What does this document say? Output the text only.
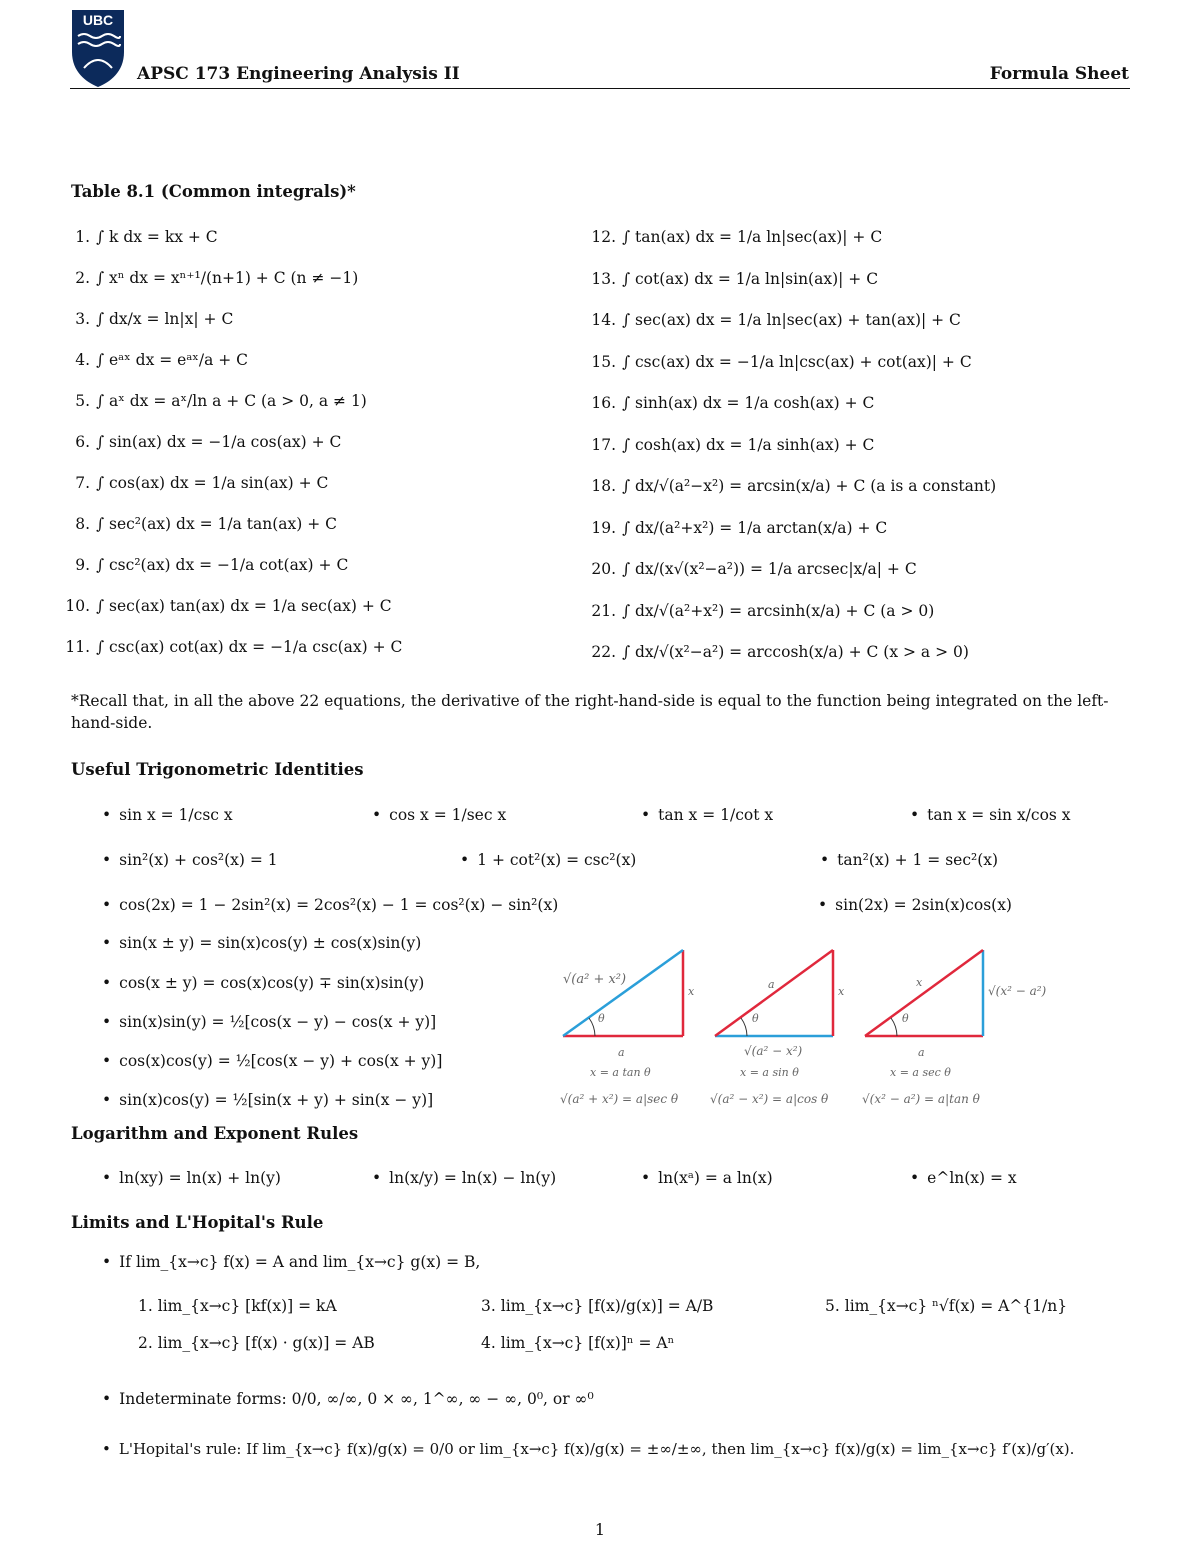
UBC
APSC 173 Engineering Analysis II	Formula Sheet
Table 8.1 (Common integrals)*
1. ∫ k dx = kx + C
2. ∫ xⁿ dx = xⁿ⁺¹/(n+1) + C (n ≠ −1)
3. ∫ dx/x = ln|x| + C
4. ∫ eᵃˣ dx = eᵃˣ/a + C
5. ∫ aˣ dx = aˣ/ln a + C (a > 0, a ≠ 1)
6. ∫ sin(ax) dx = −1/a cos(ax) + C
7. ∫ cos(ax) dx = 1/a sin(ax) + C
8. ∫ sec²(ax) dx = 1/a tan(ax) + C
9. ∫ csc²(ax) dx = −1/a cot(ax) + C
10. ∫ sec(ax) tan(ax) dx = 1/a sec(ax) + C
11. ∫ csc(ax) cot(ax) dx = −1/a csc(ax) + C
12. ∫ tan(ax) dx = 1/a ln|sec(ax)| + C
13. ∫ cot(ax) dx = 1/a ln|sin(ax)| + C
14. ∫ sec(ax) dx = 1/a ln|sec(ax) + tan(ax)| + C
15. ∫ csc(ax) dx = −1/a ln|csc(ax) + cot(ax)| + C
16. ∫ sinh(ax) dx = 1/a cosh(ax) + C
17. ∫ cosh(ax) dx = 1/a sinh(ax) + C
18. ∫ dx/√(a²−x²) = arcsin(x/a) + C (a is a constant)
19. ∫ dx/(a²+x²) = 1/a arctan(x/a) + C
20. ∫ dx/(x√(x²−a²)) = 1/a arcsec|x/a| + C
21. ∫ dx/√(a²+x²) = arcsinh(x/a) + C (a > 0)
22. ∫ dx/√(x²−a²) = arccosh(x/a) + C (x > a > 0)
*Recall that, in all the above 22 equations, the derivative of the right-hand-side is equal to the function being integrated on the left-hand-side.
Useful Trigonometric Identities
• sin x = 1/csc x	• cos x = 1/sec x	• tan x = 1/cot x	• tan x = sin x/cos x
• sin²(x) + cos²(x) = 1	• 1 + cot²(x) = csc²(x)	• tan²(x) + 1 = sec²(x)
• cos(2x) = 1 − 2sin²(x) = 2cos²(x) − 1 = cos²(x) − sin²(x)	• sin(2x) = 2sin(x)cos(x)
• sin(x ± y) = sin(x)cos(y) ± cos(x)sin(y)
• cos(x ± y) = cos(x)cos(y) ∓ sin(x)sin(y)
• sin(x)sin(y) = ½[cos(x − y) − cos(x + y)]
• cos(x)cos(y) = ½[cos(x − y) + cos(x + y)]
• sin(x)cos(y) = ½[sin(x + y) + sin(x − y)]
√(a² + x²)
x
θ
a
x = a tan θ
√(a² + x²) = a|sec θ
a
x
θ
√(a² − x²)
x = a sin θ
√(a² − x²) = a|cos θ
x
√(x² − a²)
θ
a
x = a sec θ
√(x² − a²) = a|tan θ
Logarithm and Exponent Rules
• ln(xy) = ln(x) + ln(y)	• ln(x/y) = ln(x) − ln(y)	• ln(xᵃ) = a ln(x)	• e^ln(x) = x
Limits and L'Hopital's Rule
• If lim_{x→c} f(x) = A and lim_{x→c} g(x) = B,
1. lim_{x→c} [kf(x)] = kA
2. lim_{x→c} [f(x) · g(x)] = AB
3. lim_{x→c} [f(x)/g(x)] = A/B
4. lim_{x→c} [f(x)]ⁿ = Aⁿ
5. lim_{x→c} ⁿ√f(x) = A^{1/n}
• Indeterminate forms: 0/0, ∞/∞, 0 × ∞, 1^∞, ∞ − ∞, 0⁰, or ∞⁰
• L'Hopital's rule: If lim_{x→c} f(x)/g(x) = 0/0 or lim_{x→c} f(x)/g(x) = ±∞/±∞, then lim_{x→c} f(x)/g(x) = lim_{x→c} f′(x)/g′(x).
1
